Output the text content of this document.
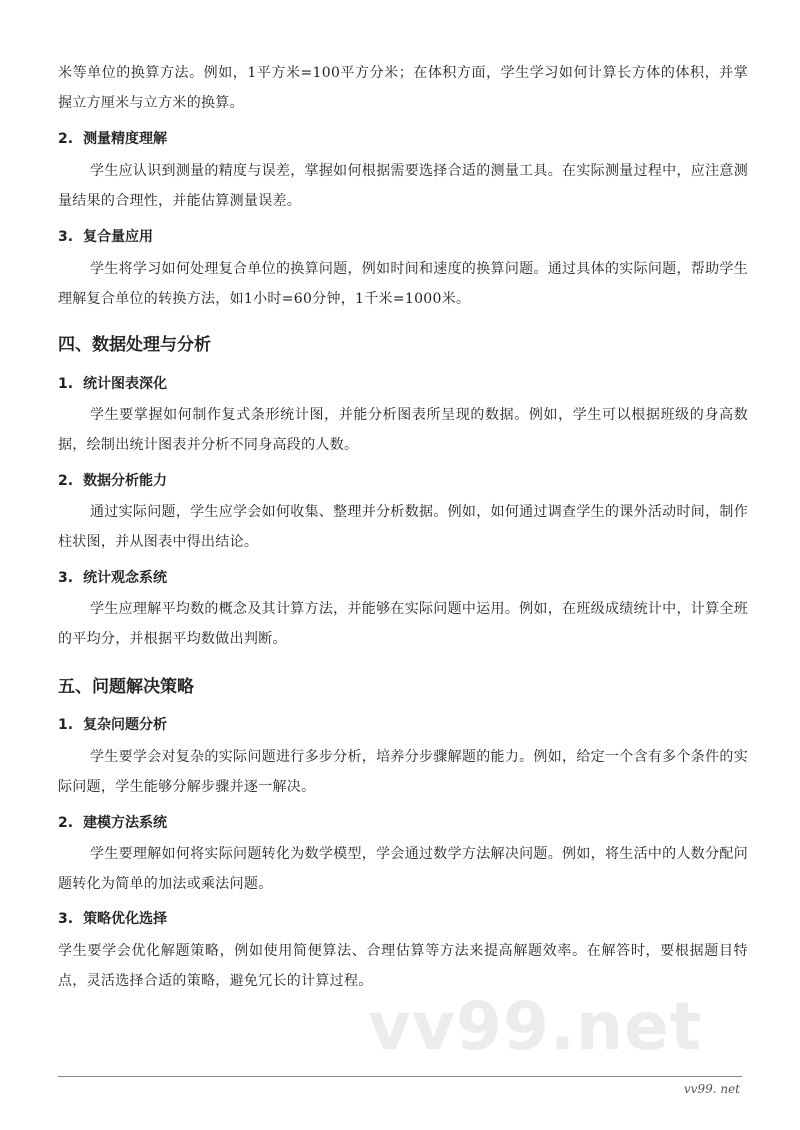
米等单位的换算方法。例如，1平方米=100平方分米；在体积方面，学生学习如何计算长方体的体积，并掌握立方厘米与立方米的换算。

2. 测量精度理解

学生应认识到测量的精度与误差，掌握如何根据需要选择合适的测量工具。在实际测量过程中，应注意测量结果的合理性，并能估算测量误差。

3. 复合量应用

学生将学习如何处理复合单位的换算问题，例如时间和速度的换算问题。通过具体的实际问题，帮助学生理解复合单位的转换方法，如1小时=60分钟，1千米=1000米。

四、数据处理与分析
1. 统计图表深化

学生要掌握如何制作复式条形统计图，并能分析图表所呈现的数据。例如，学生可以根据班级的身高数据，绘制出统计图表并分析不同身高段的人数。

2. 数据分析能力

通过实际问题，学生应学会如何收集、整理并分析数据。例如，如何通过调查学生的课外活动时间，制作柱状图，并从图表中得出结论。

3. 统计观念系统

学生应理解平均数的概念及其计算方法，并能够在实际问题中运用。例如，在班级成绩统计中，计算全班的平均分，并根据平均数做出判断。

五、问题解决策略
1. 复杂问题分析

学生要学会对复杂的实际问题进行多步分析，培养分步骤解题的能力。例如，给定一个含有多个条件的实际问题，学生能够分解步骤并逐一解决。

2. 建模方法系统

学生要理解如何将实际问题转化为数学模型，学会通过数学方法解决问题。例如，将生活中的人数分配问题转化为简单的加法或乘法问题。

3. 策略优化选择

学生要学会优化解题策略，例如使用简便算法、合理估算等方法来提高解题效率。在解答时，要根据题目特点，灵活选择合适的策略，避免冗长的计算过程。

vv99.net
vv99. net
